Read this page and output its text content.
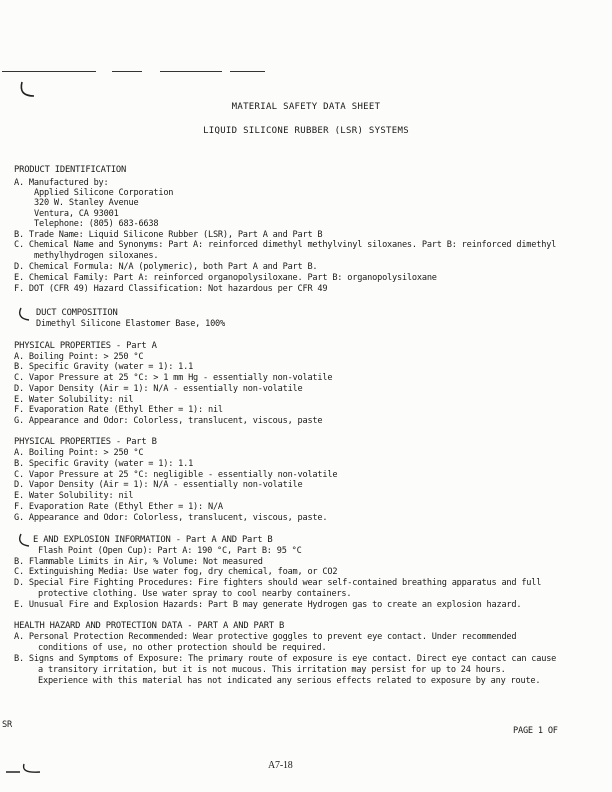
MATERIAL SAFETY DATA SHEET
LIQUID SILICONE RUBBER (LSR) SYSTEMS
PRODUCT IDENTIFICATION
A. Manufactured by:
Applied Silicone Corporation
320 W. Stanley Avenue
Ventura, CA 93001
Telephone: (805) 683-6638
B. Trade Name: Liquid Silicone Rubber (LSR), Part A and Part B
C. Chemical Name and Synonyms: Part A: reinforced dimethyl methylvinyl siloxanes. Part B: reinforced dimethyl
methylhydrogen siloxanes.
D. Chemical Formula: N/A (polymeric), both Part A and Part B.
E. Chemical Family: Part A: reinforced organopolysiloxane. Part B: organopolysiloxane
F. DOT (CFR 49) Hazard Classification: Not hazardous per CFR 49
DUCT COMPOSITION
Dimethyl Silicone Elastomer Base, 100%
PHYSICAL PROPERTIES - Part A
A. Boiling Point: > 250 °C
B. Specific Gravity (water = 1): 1.1
C. Vapor Pressure at 25 °C: > 1 mm Hg - essentially non-volatile
D. Vapor Density (Air = 1): N/A - essentially non-volatile
E. Water Solubility: nil
F. Evaporation Rate (Ethyl Ether = 1): nil
G. Appearance and Odor: Colorless, translucent, viscous, paste
PHYSICAL PROPERTIES - Part B
A. Boiling Point: > 250 °C
B. Specific Gravity (water = 1): 1.1
C. Vapor Pressure at 25 °C: negligible - essentially non-volatile
D. Vapor Density (Air = 1): N/A - essentially non-volatile
E. Water Solubility: nil
F. Evaporation Rate (Ethyl Ether = 1): N/A
G. Appearance and Odor: Colorless, translucent, viscous, paste.
E AND EXPLOSION INFORMATION - Part A AND Part B
Flash Point (Open Cup): Part A: 190 °C, Part B: 95 °C
B. Flammable Limits in Air, % Volume: Not measured
C. Extinguishing Media: Use water fog, dry chemical, foam, or CO2
D. Special Fire Fighting Procedures: Fire fighters should wear self-contained breathing apparatus and full
protective clothing. Use water spray to cool nearby containers.
E. Unusual Fire and Explosion Hazards: Part B may generate Hydrogen gas to create an explosion hazard.
HEALTH HAZARD AND PROTECTION DATA - PART A AND PART B
A. Personal Protection Recommended: Wear protective goggles to prevent eye contact. Under recommended
conditions of use, no other protection should be required.
B. Signs and Symptoms of Exposure: The primary route of exposure is eye contact. Direct eye contact can cause
a transitory irritation, but it is not mucous. This irritation may persist for up to 24 hours.
Experience with this material has not indicated any serious effects related to exposure by any route.
SR
PAGE 1 OF
A7-18
